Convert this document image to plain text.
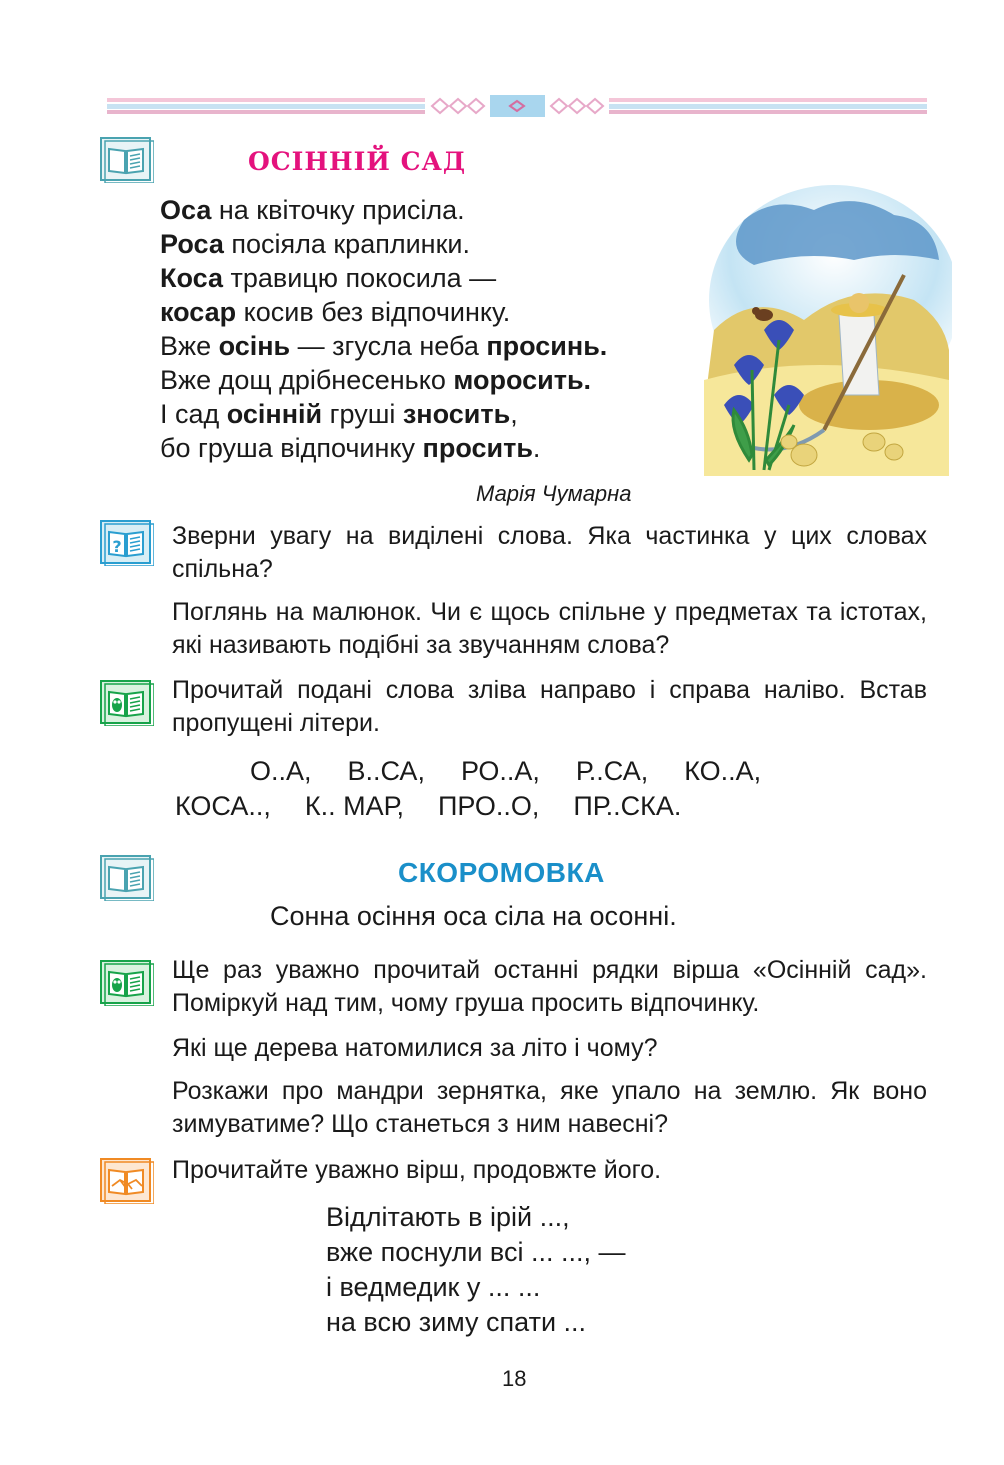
ОСІННІЙ САД
Оса на квіточку присіла.
Роса посіяла краплинки.
Коса травицю покосила —
косар косив без відпочинку.
Вже осінь — згусла неба просинь.
Вже дощ дрібнесенько моросить.
І сад осінній груші зносить,
бо груша відпочинку просить.
Марія Чумарна
? Зверни увагу на виділені слова. Яка частинка у цих словах спільна?
Поглянь на малюнок. Чи є щось спільне у предметах та істотах, які називають подібні за звучанням слова?
Прочитай подані слова зліва направо і справа наліво. Встав пропущені літери.
О..А, В..СА, РО..А, Р..СА, КО..А,
КОСА.., К.. МАР, ПРО..О, ПР..СКА.
СКОРОМОВКА
Сонна осіння оса сіла на осонні.
Ще раз уважно прочитай останні рядки вірша «Осінній сад». Поміркуй над тим, чому груша просить відпочинку.
Які ще дерева натомилися за літо і чому?
Розкажи про мандри зернятка, яке упало на землю. Як воно зимуватиме? Що станеться з ним навесні?
Прочитайте уважно вірш, продовжте його.
Відлітають в ірій ...,
вже поснули всі ... ..., —
і ведмедик у ... ...
на всю зиму спати ...
18
